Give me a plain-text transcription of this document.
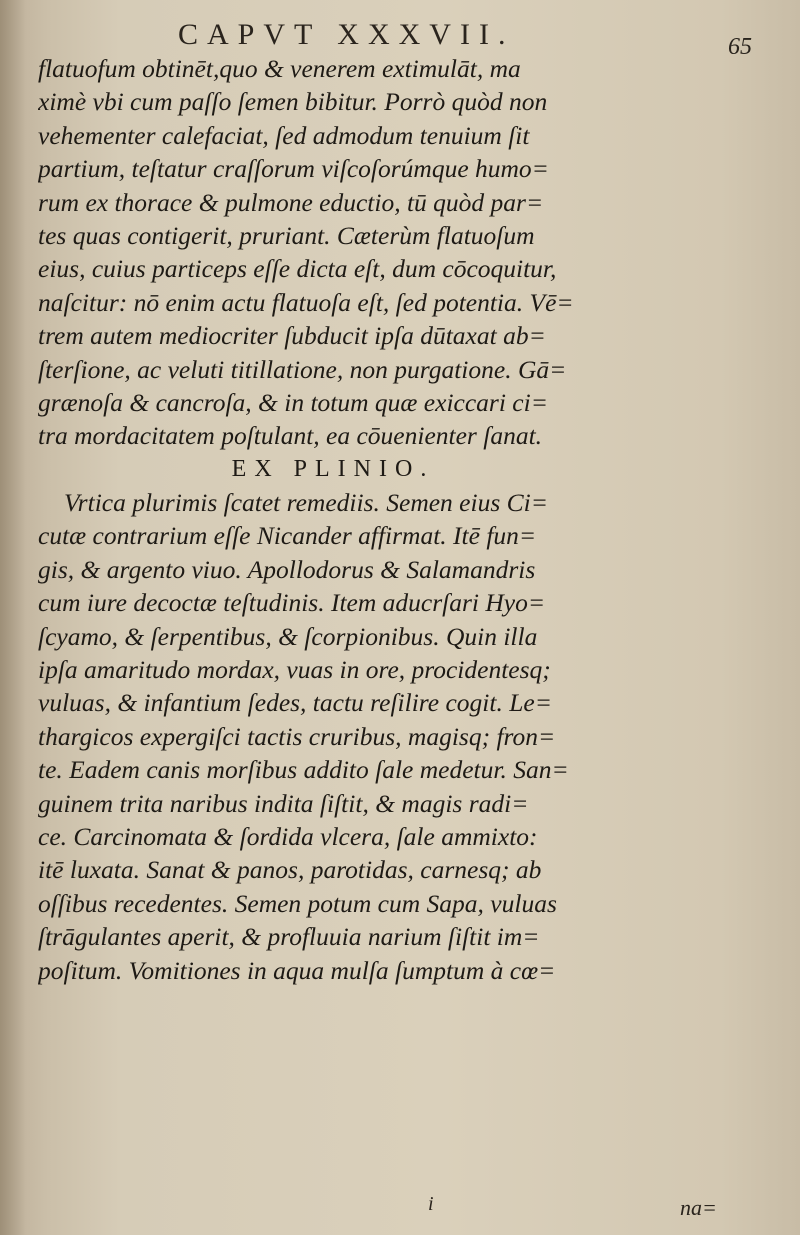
CAPVT XXXVII.	65
flatuofum obtinēt,quo & venerem extimulāt, ma
ximè vbi cum paſſo ſemen bibitur. Porrò quòd non
vehementer calefaciat, ſed admodum tenuium ſit
partium, teſtatur craſſorum viſcoſorúmque humo=
rum ex thorace & pulmone eductio, tū quòd par=
tes quas contigerit, pruriant. Cæterùm flatuoſum
eius, cuius particeps eſſe dicta eſt, dum cōcoquitur,
naſcitur: nō enim actu flatuoſa eſt, ſed potentia. Vē=
trem autem mediocriter ſubducit ipſa dūtaxat ab=
ſterſione, ac veluti titillatione, non purgatione. Gā=
grænoſa & cancroſa, & in totum quæ exiccari ci=
tra mordacitatem poſtulant, ea cōuenienter ſanat.
EX PLINIO.
Vrtica plurimis ſcatet remediis. Semen eius Ci=
cutæ contrarium eſſe Nicander affirmat. Itē fun=
gis, & argento viuo. Apollodorus & Salamandris
cum iure decoctæ teſtudinis. Item aducrſari Hyo=
ſcyamo, & ſerpentibus, & ſcorpionibus. Quin illa
ipſa amaritudo mordax, vuas in ore, procidentesq;
vuluas, & infantium ſedes, tactu reſilire cogit. Le=
thargicos expergiſci tactis cruribus, magisq; fron=
te. Eadem canis morſibus addito ſale medetur. San=
guinem trita naribus indita ſiſtit, & magis radi=
ce. Carcinomata & ſordida vlcera, ſale ammixto:
itē luxata. Sanat & panos, parotidas, carnesq; ab
oſſibus recedentes. Semen potum cum Sapa, vuluas
ſtrāgulantes aperit, & profluuia narium ſiſtit im=
poſitum. Vomitiones in aqua mulſa ſumptum à cœ=
i	na=
